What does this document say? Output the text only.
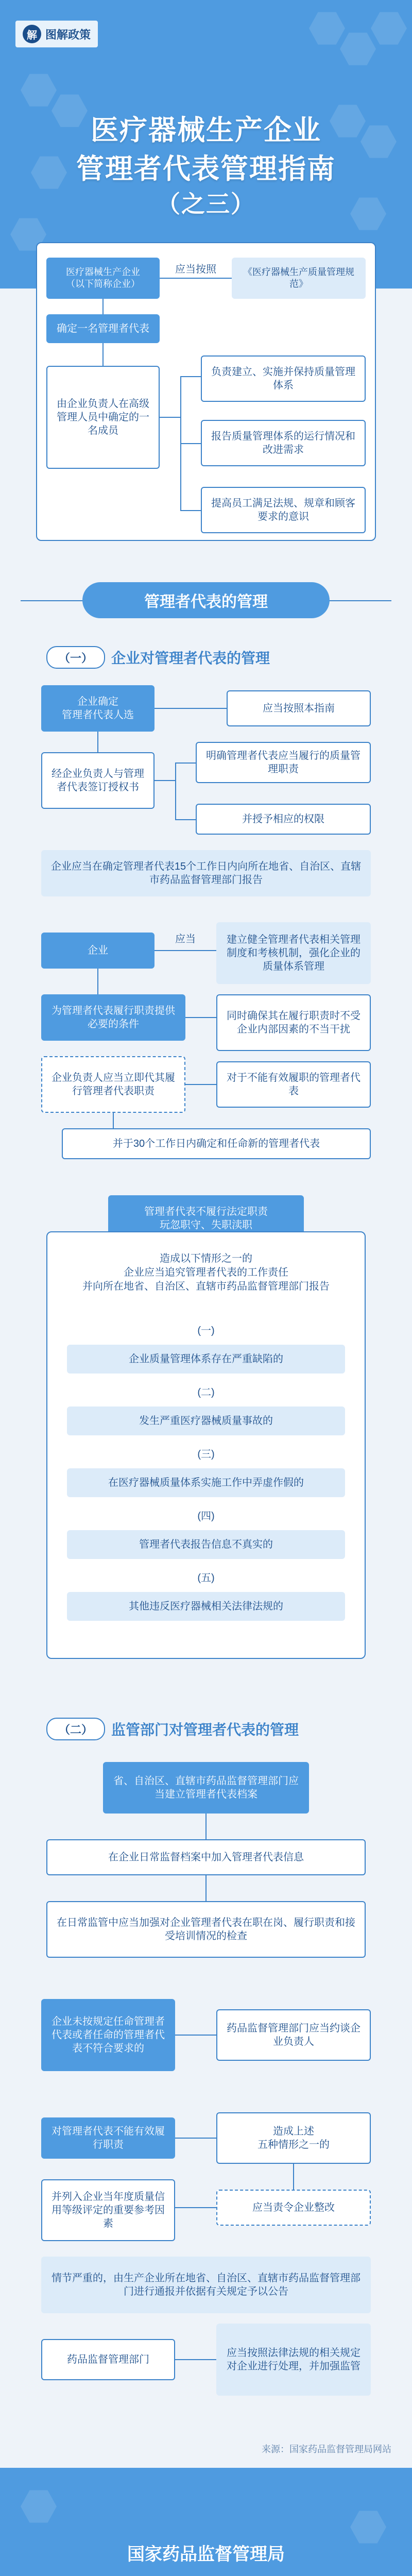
解 图解政策
医疗器械生产企业
管理者代表管理指南
（之三）
医疗器械生产企业
（以下简称企业）
应当按照	《医疗器械生产质量管理规范》
确定一名管理者代表
由企业负责人在高级管理人员中确定的一名成员
负责建立、实施并保持质量管理体系
报告质量管理体系的运行情况和改进需求
提高员工满足法规、规章和顾客要求的意识
管理者代表的管理
（一）	企业对管理者代表的管理
企业确定
管理者代表人选
应当按照本指南
经企业负责人与管理者代表签订授权书
明确管理者代表应当履行的质量管理职责
并授予相应的权限
企业应当在确定管理者代表15个工作日内向所在地省、自治区、直辖市药品监督管理部门报告
企业
应当	建立健全管理者代表相关管理制度和考核机制，强化企业的质量体系管理
为管理者代表履行职责提供必要的条件
同时确保其在履行职责时不受企业内部因素的不当干扰
企业负责人应当立即代其履行管理者代表职责
对于不能有效履职的管理者代表
并于30个工作日内确定和任命新的管理者代表
管理者代表不履行法定职责
玩忽职守、失职渎职
造成以下情形之一的
企业应当追究管理者代表的工作责任
并向所在地省、自治区、直辖市药品监督管理部门报告
(一)
企业质量管理体系存在严重缺陷的
(二)
发生严重医疗器械质量事故的
(三)
在医疗器械质量体系实施工作中弄虚作假的
(四)
管理者代表报告信息不真实的
(五)
其他违反医疗器械相关法律法规的
（二）	监管部门对管理者代表的管理
省、自治区、直辖市药品监督管理部门应当建立管理者代表档案
在企业日常监督档案中加入管理者代表信息
在日常监管中应当加强对企业管理者代表在职在岗、履行职责和接受培训情况的检查
企业未按规定任命管理者代表或者任命的管理者代表不符合要求的
药品监督管理部门应当约谈企业负责人
对管理者代表不能有效履行职责
造成上述
五种情形之一的
应当责令企业整改
并列入企业当年度质量信用等级评定的重要参考因素
情节严重的，由生产企业所在地省、自治区、直辖市药品监督管理部门进行通报并依据有关规定予以公告
药品监督管理部门
应当按照法律法规的相关规定对企业进行处理，并加强监管
来源：国家药品监督管理局网站
国家药品监督管理局
